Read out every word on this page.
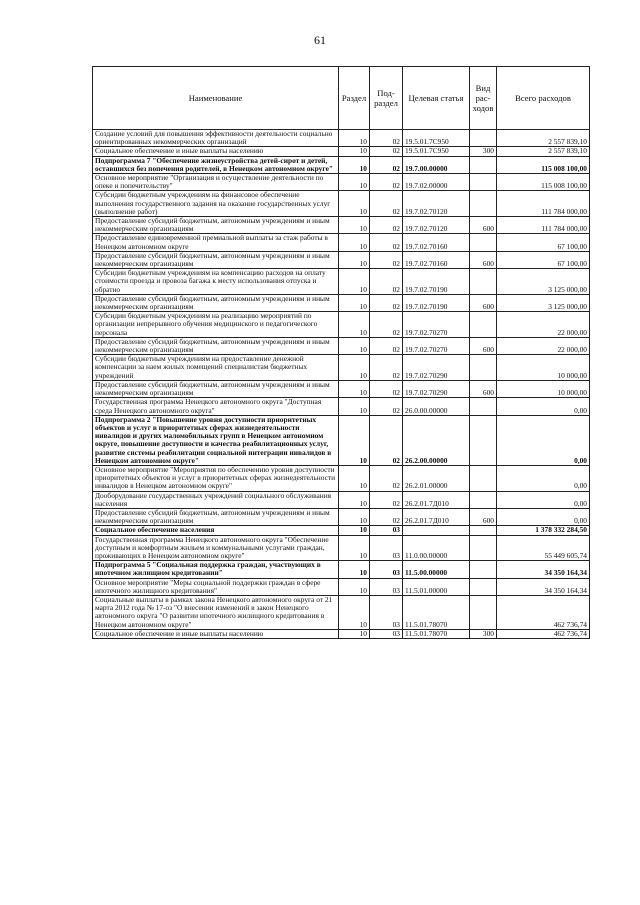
61
Наименование	Раздел	Под-раздел	Целевая статья	Вид рас-ходов	Всего расходов
Создание условий для повышения эффективности деятельности социально ориентированных некоммерческих организаций	10	02	19.5.01.7С950		2 557 839,10
Социальное обеспечение и иные выплаты населению	10	02	19.5.01.7С950	300	2 557 839,10
Подпрограмма 7 "Обеспечение жизнеустройства детей-сирот и детей, оставшихся без попечения родителей, в Ненецком автономном округе"	10	02	19.7.00.00000		115 008 100,00
Основное мероприятие "Организация и осуществление деятельности по опеке и попечительству"	10	02	19.7.02.00000		115 008 100,00
Субсидии бюджетным учреждениям на финансовое обеспечение выполнения государственного задания на оказание государственных услуг (выполнение работ)	10	02	19.7.02.70120		111 784 000,00
Предоставление субсидий бюджетным, автономным учреждениям и иным некоммерческим организациям	10	02	19.7.02.70120	600	111 784 000,00
Предоставление единовременной премиальной выплаты за стаж работы в Ненецком автономном округе	10	02	19.7.02.70160		67 100,00
Предоставление субсидий бюджетным, автономным учреждениям и иным некоммерческим организациям	10	02	19.7.02.70160	600	67 100,00
Субсидии бюджетным учреждениям на компенсацию расходов на оплату стоимости проезда и провоза багажа к месту использования отпуска и обратно	10	02	19.7.02.70190		3 125 000,00
Предоставление субсидий бюджетным, автономным учреждениям и иным некоммерческим организациям	10	02	19.7.02.70190	600	3 125 000,00
Субсидии бюджетным учреждениям на реализацию мероприятий по организации непрерывного обучения медицинского и педагогического персонала	10	02	19.7.02.70270		22 000,00
Предоставление субсидий бюджетным, автономным учреждениям и иным некоммерческим организациям	10	02	19.7.02.70270	600	22 000,00
Субсидии бюджетным учреждениям на предоставление денежной компенсации за наем жилых помещений специалистам бюджетных учреждений	10	02	19.7.02.70290		10 000,00
Предоставление субсидий бюджетным, автономным учреждениям и иным некоммерческим организациям	10	02	19.7.02.70290	600	10 000,00
Государственная программа Ненецкого автономного округа "Доступная среда Ненецкого автономного округа"	10	02	26.0.00.00000		0,00
Подпрограмма 2 "Повышение уровня доступности приоритетных объектов и услуг в приоритетных сферах жизнедеятельности инвалидов и других маломобильных групп в Ненецком автономном округе, повышение доступности и качества реабилитационных услуг, развитие системы реабилитации социальной интеграции инвалидов в Ненецком автономном округе"	10	02	26.2.00.00000		0,00
Основное мероприятие "Мероприятия по обеспечению уровня доступности приоритетных объектов и услуг в приоритетных сферах жизнедеятельности инвалидов в Ненецком автономном округе"	10	02	26.2.01.00000		0,00
Дооборудование государственных учреждений социального обслуживания населения	10	02	26.2.01.7Д010		0,00
Предоставление субсидий бюджетным, автономным учреждениям и иным некоммерческим организациям	10	02	26.2.01.7Д010	600	0,00
Социальное обеспечение населения	10	03			1 378 332 284,50
Государственная программа Ненецкого автономного округа "Обеспечение доступным и комфортным жильем и коммунальными услугами граждан, проживающих в Ненецком автономном округе"	10	03	11.0.00.00000		55 449 605,74
Подпрограмма 5 "Социальная поддержка граждан, участвующих в ипотечном жилищном кредитовании"	10	03	11.5.00.00000		34 350 164,34
Основное мероприятие "Меры социальной поддержки граждан в сфере ипотечного жилищного кредитования"	10	03	11.5.01.00000		34 350 164,34
Социальные выплаты в рамках закона Ненецкого автономного округа от 21 марта 2012 года № 17-оз "О внесении изменений в закон Ненецкого автономного округа "О развитии ипотечного жилищного кредитования в Ненецком автономном округе"	10	03	11.5.01.78070		462 736,74
Социальное обеспечение и иные выплаты населению	10	03	11.5.01.78070	300	462 736,74
